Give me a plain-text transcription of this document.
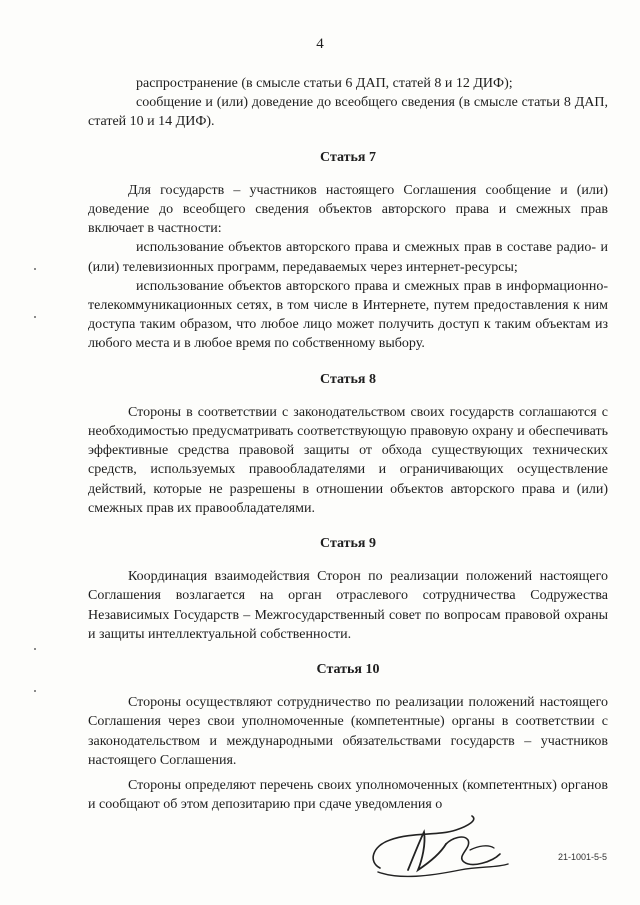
4

распространение (в смысле статьи 6 ДАП, статей 8 и 12 ДИФ);

сообщение и (или) доведение до всеобщего сведения (в смысле статьи 8 ДАП, статей 10 и 14 ДИФ).

Статья 7

Для государств – участников настоящего Соглашения сообщение и (или) доведение до всеобщего сведения объектов авторского права и смежных прав включает в частности:

использование объектов авторского права и смежных прав в составе радио- и (или) телевизионных программ, передаваемых через интернет-ресурсы;

использование объектов авторского права и смежных прав в информационно-телекоммуникационных сетях, в том числе в Интернете, путем предоставления к ним доступа таким образом, что любое лицо может получить доступ к таким объектам из любого места и в любое время по собственному выбору.

Статья 8

Стороны в соответствии с законодательством своих государств соглашаются с необходимостью предусматривать соответствующую правовую охрану и обеспечивать эффективные средства правовой защиты от обхода существующих технических средств, используемых правообладателями и ограничивающих осуществление действий, которые не разрешены в отношении объектов авторского права и (или) смежных прав их правообладателями.

Статья 9

Координация взаимодействия Сторон по реализации положений настоящего Соглашения возлагается на орган отраслевого сотрудничества Содружества Независимых Государств – Межгосударственный совет по вопросам правовой охраны и защиты интеллектуальной собственности.

Статья 10

Стороны осуществляют сотрудничество по реализации положений настоящего Соглашения через свои уполномоченные (компетентные) органы в соответствии с законодательством и международными обязательствами государств – участников настоящего Соглашения.

Стороны определяют перечень своих уполномоченных (компетентных) органов и сообщают об этом депозитарию при сдаче уведомления о

21-1001-5-5
